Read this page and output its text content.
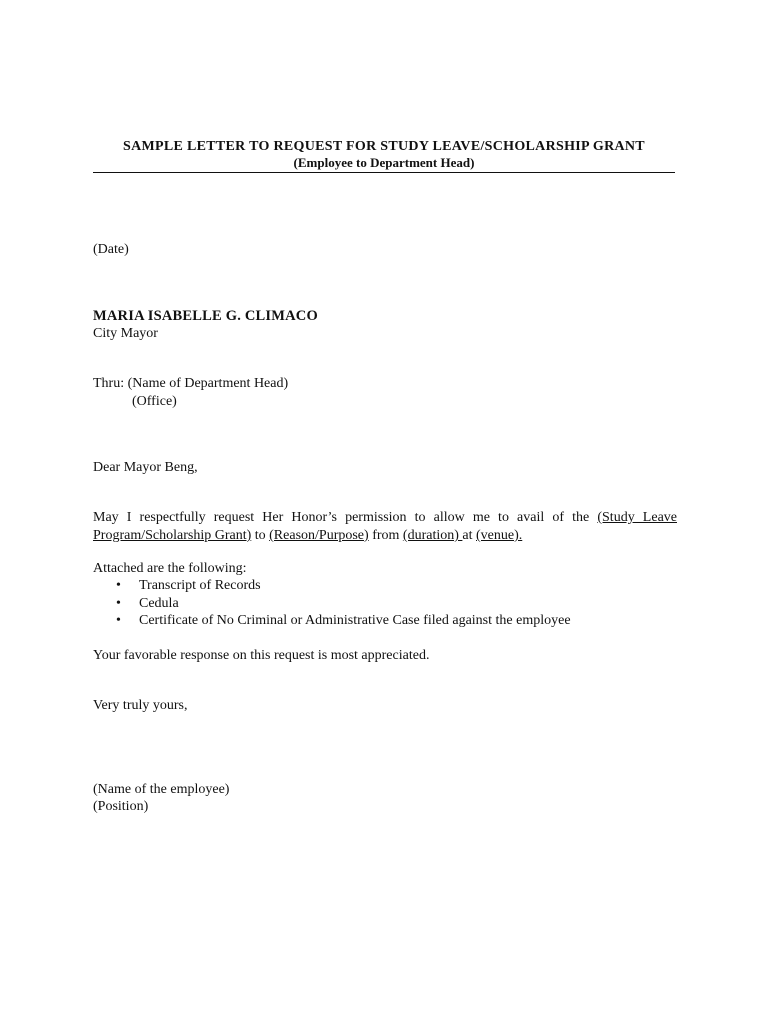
SAMPLE LETTER TO REQUEST FOR STUDY LEAVE/SCHOLARSHIP GRANT
(Employee to Department Head)
(Date)
MARIA ISABELLE G. CLIMACO
City Mayor
Thru: (Name of Department Head)
(Office)
Dear Mayor Beng,
May I respectfully request Her Honor’s permission to allow me to avail of the (Study Leave Program/Scholarship Grant) to (Reason/Purpose) from (duration) at (venue).
Attached are the following:
• Transcript of Records
• Cedula
• Certificate of No Criminal or Administrative Case filed against the employee
Your favorable response on this request is most appreciated.
Very truly yours,
(Name of the employee)
(Position)
